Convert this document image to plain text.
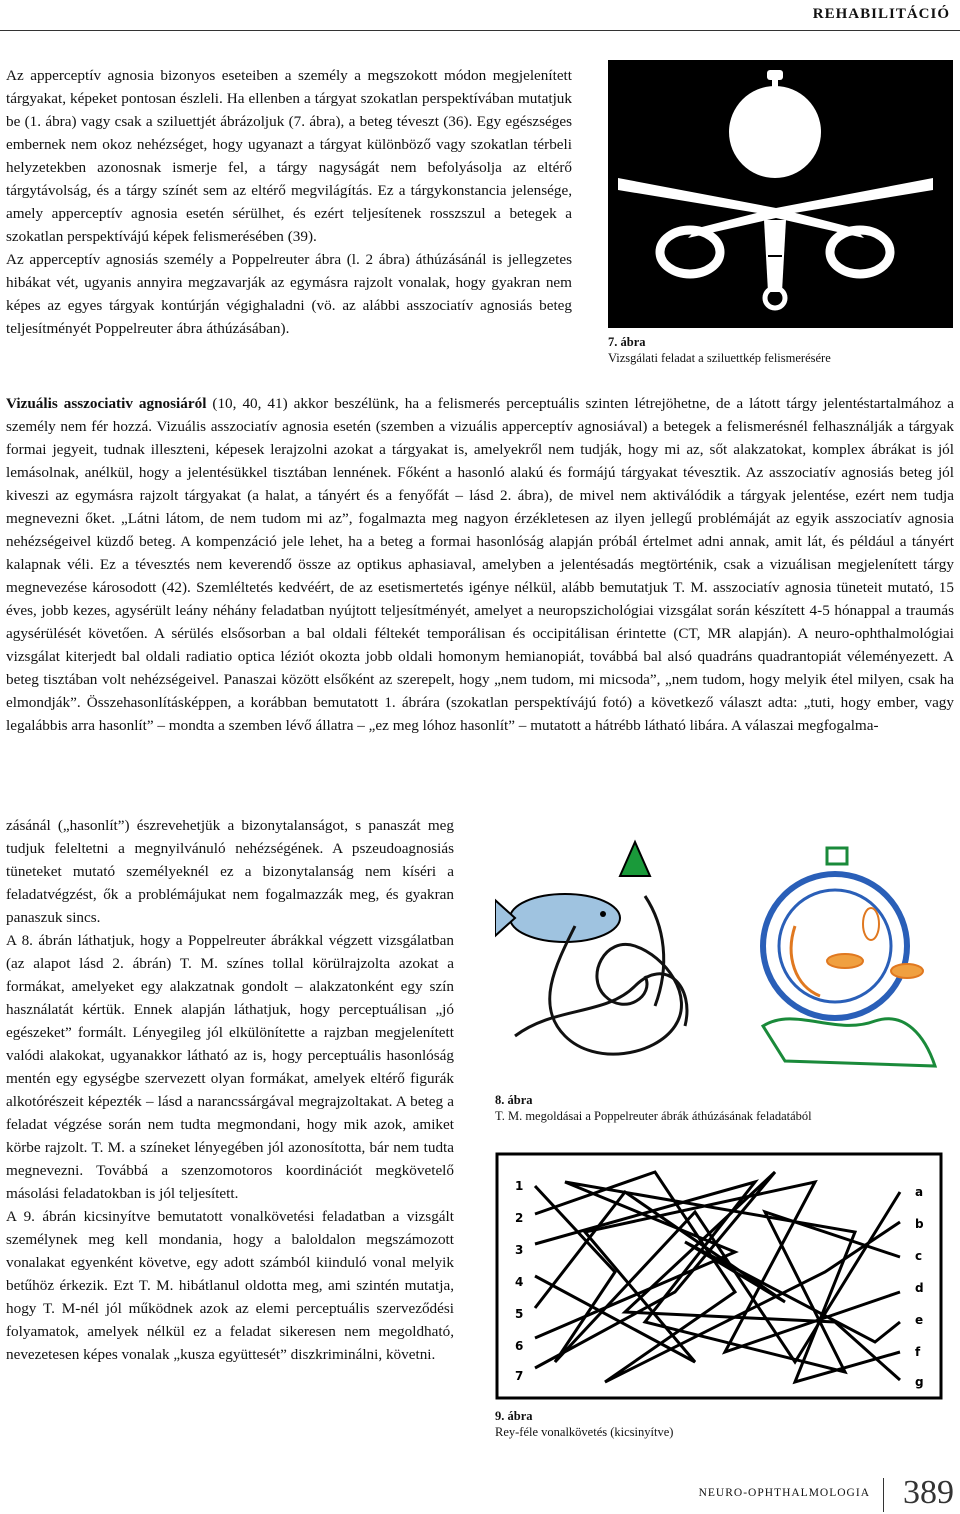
REHABILITÁCIÓ

Az apperceptív agnosia bizonyos eseteiben a személy a megszokott módon megjelenített tárgyakat, képeket pontosan észleli. Ha ellenben a tárgyat szokatlan perspektívában mutatjuk be (1. ábra) vagy csak a sziluettjét ábrázoljuk (7. ábra), a beteg téveszt (36). Egy egészséges embernek nem okoz nehézséget, hogy ugyanazt a tárgyat különböző vagy szokatlan térbeli helyzetekben azonosnak ismerje fel, a tárgy nagyságát nem befolyásolja az eltérő tárgytávolság, és a tárgy színét sem az eltérő megvilágítás. Ez a tárgykonstancia jelensége, amely apperceptív agnosia esetén sérülhet, és ezért teljesítenek rosszszul a betegek a szokatlan perspektívájú képek felismerésében (39).

Az apperceptív agnosiás személy a Poppelreuter ábra (l. 2 ábra) áthúzásánál is jellegzetes hibákat vét, ugyanis annyira megzavarják az egymásra rajzolt vonalak, hogy gyakran nem képes az egyes tárgyak kontúrján végighaladni (vö. az alábbi asszociatív agnosiás beteg teljesítményét Poppelreuter ábra áthúzásában).

7. ábra
Vizsgálati feladat a sziluettkép felismerésére

Vizuális asszociativ agnosiáról (10, 40, 41) akkor beszélünk, ha a felismerés perceptuális szinten létrejöhetne, de a látott tárgy jelentéstartalmához a személy nem fér hozzá. Vizuális asszociatív agnosia esetén (szemben a vizuális apperceptív agnosiával) a betegek a felismerésnél felhasználják a tárgyak formai jegyeit, tudnak illeszteni, képesek lerajzolni azokat a tárgyakat is, amelyekről nem tudják, hogy mi az, sőt alakzatokat, komplex ábrákat is jól lemásolnak, anélkül, hogy a jelentésükkel tisztában lennének. Főként a hasonló alakú és formájú tárgyakat tévesztik. Az asszociatív agnosiás beteg jól kiveszi az egymásra rajzolt tárgyakat (a halat, a tányért és a fenyőfát – lásd 2. ábra), de mivel nem aktiválódik a tárgyak jelentése, ezért nem tudja megnevezni őket. „Látni látom, de nem tudom mi az”, fogalmazta meg nagyon érzékletesen az ilyen jellegű problémáját az egyik asszociatív agnosia nehézségeivel küzdő beteg. A kompenzáció jele lehet, ha a beteg a formai hasonlóság alapján próbál értelmet adni annak, amit lát, és például a tányért kalapnak véli. Ez a tévesztés nem keverendő össze az optikus aphasiaval, amelyben a jelentésadás megtörténik, csak a vizuálisan megjelenített tárgy megnevezése károsodott (42). Szemléltetés kedvéért, de az esetismertetés igénye nélkül, alább bemutatjuk T. M. asszociatív agnosia tüneteit mutató, 15 éves, jobb kezes, agysérült leány néhány feladatban nyújtott teljesítményét, amelyet a neuropszichológiai vizsgálat során készített 4-5 hónappal a traumás agysérülését követően. A sérülés elsősorban a bal oldali féltekét temporálisan és occipitálisan érintette (CT, MR alapján). A neuro-ophthalmológiai vizsgálat kiterjedt bal oldali radiatio optica léziót okozta jobb oldali homonym hemianopiát, továbbá bal alsó quadráns quadrantopiát véleményezett. A beteg tisztában volt nehézségeivel. Panaszai között elsőként az szerepelt, hogy „nem tudom, mi micsoda”, „nem tudom, hogy melyik étel milyen, csak ha elmondják”. Összehasonlításképpen, a korábban bemutatott 1. ábrára (szokatlan perspektívájú fotó) a következő választ adta: „tuti, hogy ember, vagy legalábbis arra hasonlít” – mondta a szemben lévő állatra – „ez meg lóhoz hasonlít” – mutatott a hátrébb látható libára. A válaszai megfogalma-

zásánál („hasonlít”) észrevehetjük a bizonytalanságot, s panaszát meg tudjuk feleltetni a megnyilvánuló nehézségének. A pszeudoagnosiás tüneteket mutató személyeknél ez a bizonytalanság nem kíséri a feladatvégzést, ők a problémájukat nem fogalmazzák meg, és gyakran panaszuk sincs.

A 8. ábrán láthatjuk, hogy a Poppelreuter ábrákkal végzett vizsgálatban (az alapot lásd 2. ábrán) T. M. színes tollal körülrajzolta azokat a formákat, amelyeket egy alakzatnak gondolt – alakzatonként egy szín használatát kértük. Ennek alapján láthatjuk, hogy perceptuálisan „jó egészeket” formált. Lényegileg jól elkülönítette a rajzban megjelenített valódi alakokat, ugyanakkor látható az is, hogy perceptuális hasonlóság mentén egy egységbe szervezett olyan formákat, amelyek eltérő figurák alkotórészeit képezték – lásd a narancssárgával megrajzoltakat. A beteg a feladat végzése során nem tudta megmondani, hogy mik azok, amiket körbe rajzolt. T. M. a színeket lényegében jól azonosította, bár nem tudta megnevezni. Továbbá a szenzomotoros koordinációt megkövetelő másolási feladatokban is jól teljesített.

A 9. ábrán kicsinyítve bemutatott vonalkövetési feladatban a vizsgált személynek meg kell mondania, hogy a baloldalon megszámozott vonalakat egyenként követve, egy adott számból kiinduló vonal melyik betűhöz érkezik. Ezt T. M. hibátlanul oldotta meg, ami szintén mutatja, hogy T. M-nél jól működnek azok az elemi perceptuális szerveződési folyamatok, amelyek nélkül ez a feladat sikeresen nem megoldható, nevezetesen képes vonalak „kusza együttesét” diszkriminálni, követni.

8. ábra
T. M. megoldásai a Poppelreuter ábrák áthúzásának feladatából
1
2
3
4
5
6
7
a
b
c
d
e
f
g
9. ábra
Rey-féle vonalkövetés (kicsinyítve)
NEURO-OPHTHALMOLOGIA 389
